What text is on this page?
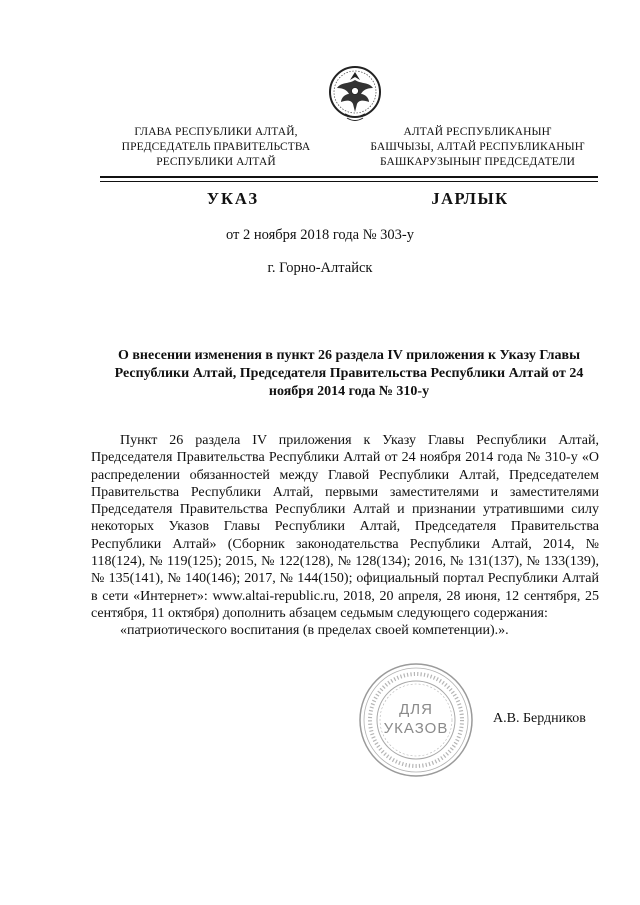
ГЛАВА РЕСПУБЛИКИ АЛТАЙ,
ПРЕДСЕДАТЕЛЬ ПРАВИТЕЛЬСТВА
РЕСПУБЛИКИ АЛТАЙ
АЛТАЙ РЕСПУБЛИКАНЫҤ
БАШЧЫЗЫ, АЛТАЙ РЕСПУБЛИКАНЫҤ
БАШКАРУЗЫНЫҤ ПРЕДСЕДАТЕЛИ
УКАЗ	JАРЛЫК
от 2 ноября 2018 года № 303-у
г. Горно-Алтайск
О внесении изменения в пункт 26 раздела IV приложения к Указу Главы Республики Алтай, Председателя Правительства Республики Алтай от 24 ноября 2014 года № 310-у

Пункт 26 раздела IV приложения к Указу Главы Республики Алтай, Председателя Правительства Республики Алтай от 24 ноября 2014 года № 310-у «О распределении обязанностей между Главой Республики Алтай, Председателем Правительства Республики Алтай, первыми заместителями и заместителями Председателя Правительства Республики Алтай и признании утратившими силу некоторых Указов Главы Республики Алтай, Председателя Правительства Республики Алтай» (Сборник законодательства Республики Алтай, 2014, № 118(124), № 119(125); 2015, № 122(128), № 128(134); 2016, № 131(137), № 133(139), № 135(141), № 140(146); 2017, № 144(150); официальный портал Республики Алтай в сети «Интернет»: www.altai-republic.ru, 2018, 20 апреля, 28 июня, 12 сентября, 25 сентября, 11 октября) дополнить абзацем седьмым следующего содержания:

«патриотического воспитания (в пределах своей компетенции).».

ДЛЯ
УКАЗОВ
А.В. Бердников
